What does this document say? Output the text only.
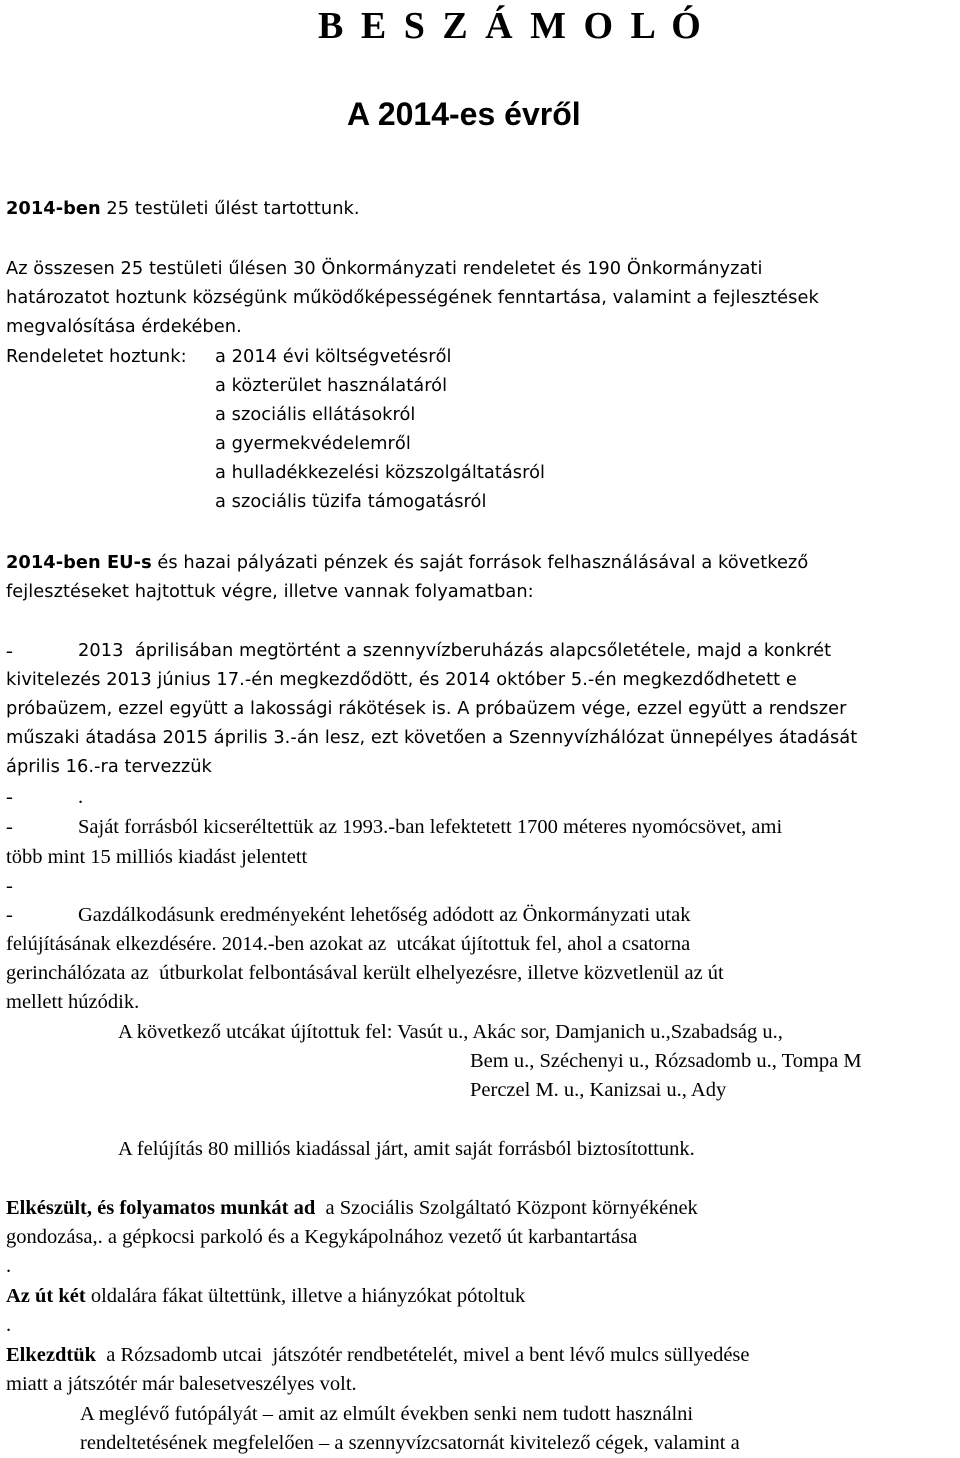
B E S Z Á M O L Ó
A 2014-es évről
2014-ben 25 testületi űlést tartottunk.
Az összesen 25 testületi űlésen 30 Önkormányzati rendeletet és 190 Önkormányzati
határozatot hoztunk községünk működőképességének fenntartása, valamint a fejlesztések
megvalósítása érdekében.
Rendeletet hoztunk: a 2014 évi költségvetésről
a közterület használatáról
a szociális ellátásokról
a gyermekvédelemről
a hulladékkezelési közszolgáltatásról
a szociális tüzifa támogatásról
2014-ben EU-s és hazai pályázati pénzek és saját források felhasználásával a következő
fejlesztéseket hajtottuk végre, illetve vannak folyamatban:
-	2013  áprilisában megtörtént a szennyvízberuházás alapcsőletétele, majd a konkrét
kivitelezés 2013 június 17.-én megkezdődött, és 2014 október 5.-én megkezdődhetett e
próbaüzem, ezzel együtt a lakossági rákötések is. A próbaüzem vége, ezzel együtt a rendszer
műszaki átadása 2015 április 3.-án lesz, ezt követően a Szennyvízhálózat ünnepélyes átadását
április 16.-ra tervezzük
-	.
-	Saját forrásból kicseréltettük az 1993.-ban lefektetett 1700 méteres nyomócsövet, ami
több mint 15 milliós kiadást jelentett
-
-	Gazdálkodásunk eredményeként lehetőség adódott az Önkormányzati utak
felújításának elkezdésére. 2014.-ben azokat az  utcákat újítottuk fel, ahol a csatorna
gerinchálózata az  útburkolat felbontásával került elhelyezésre, illetve közvetlenül az út
mellett húzódik.
A következő utcákat újítottuk fel: Vasút u., Akác sor, Damjanich u.,Szabadság u.,
Bem u., Széchenyi u., Rózsadomb u., Tompa M
Perczel M. u., Kanizsai u., Ady
A felújítás 80 milliós kiadással járt, amit saját forrásból biztosítottunk.
Elkészült, és folyamatos munkát ad  a Szociális Szolgáltató Központ környékének
gondozása,. a gépkocsi parkoló és a Kegykápolnához vezető út karbantartása
.
Az út két oldalára fákat ültettünk, illetve a hiányzókat pótoltuk
.
Elkezdtük  a Rózsadomb utcai  játszótér rendbetételét, mivel a bent lévő mulcs süllyedése
miatt a játszótér már balesetveszélyes volt.
A meglévő futópályát – amit az elmúlt években senki nem tudott használni
rendeltetésének megfelelően – a szennyvízcsatornát kivitelező cégek, valamint a
